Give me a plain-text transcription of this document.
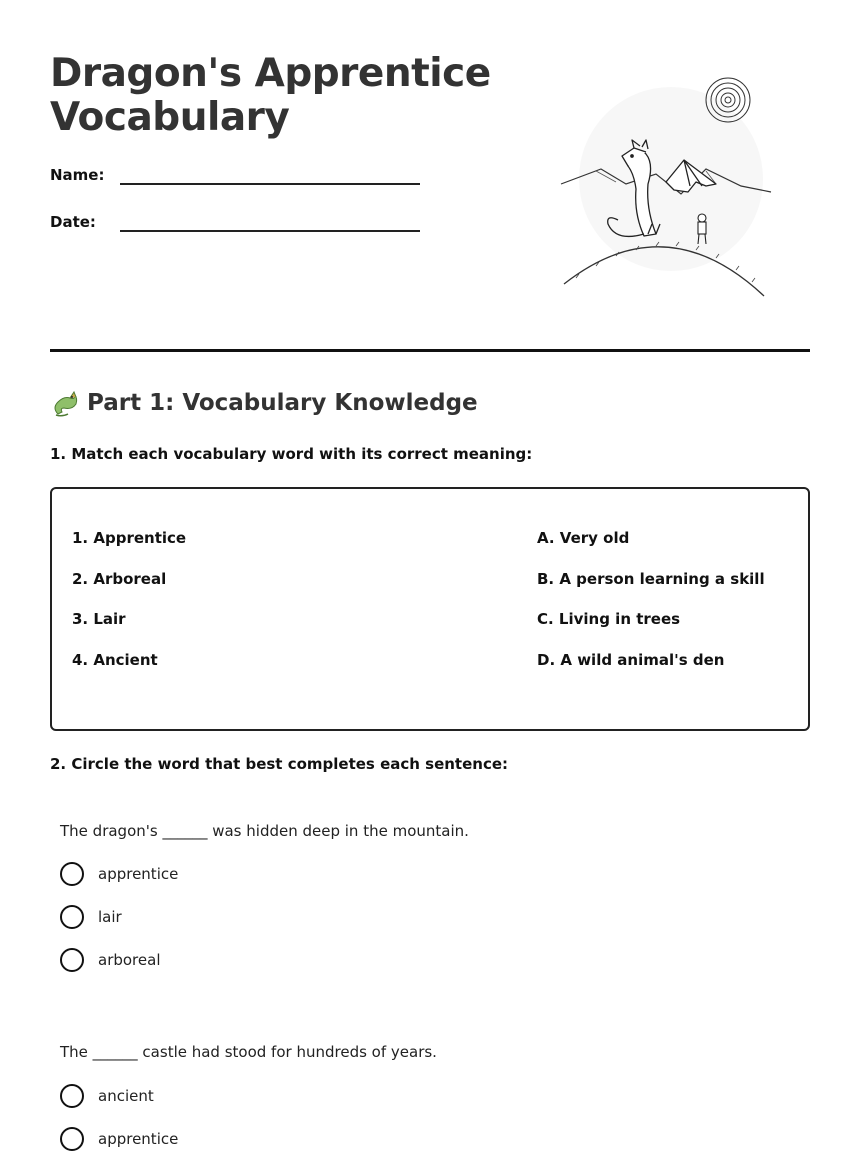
Dragon's Apprentice
Vocabulary
Name:
Date:
Part 1: Vocabulary Knowledge
1. Match each vocabulary word with its correct meaning:
1. Apprentice
2. Arboreal
3. Lair
4. Ancient
A. Very old
B. A person learning a skill
C. Living in trees
D. A wild animal's den
2. Circle the word that best completes each sentence:
The dragon's ______ was hidden deep in the mountain.
apprentice
lair
arboreal
The ______ castle had stood for hundreds of years.
ancient
apprentice
